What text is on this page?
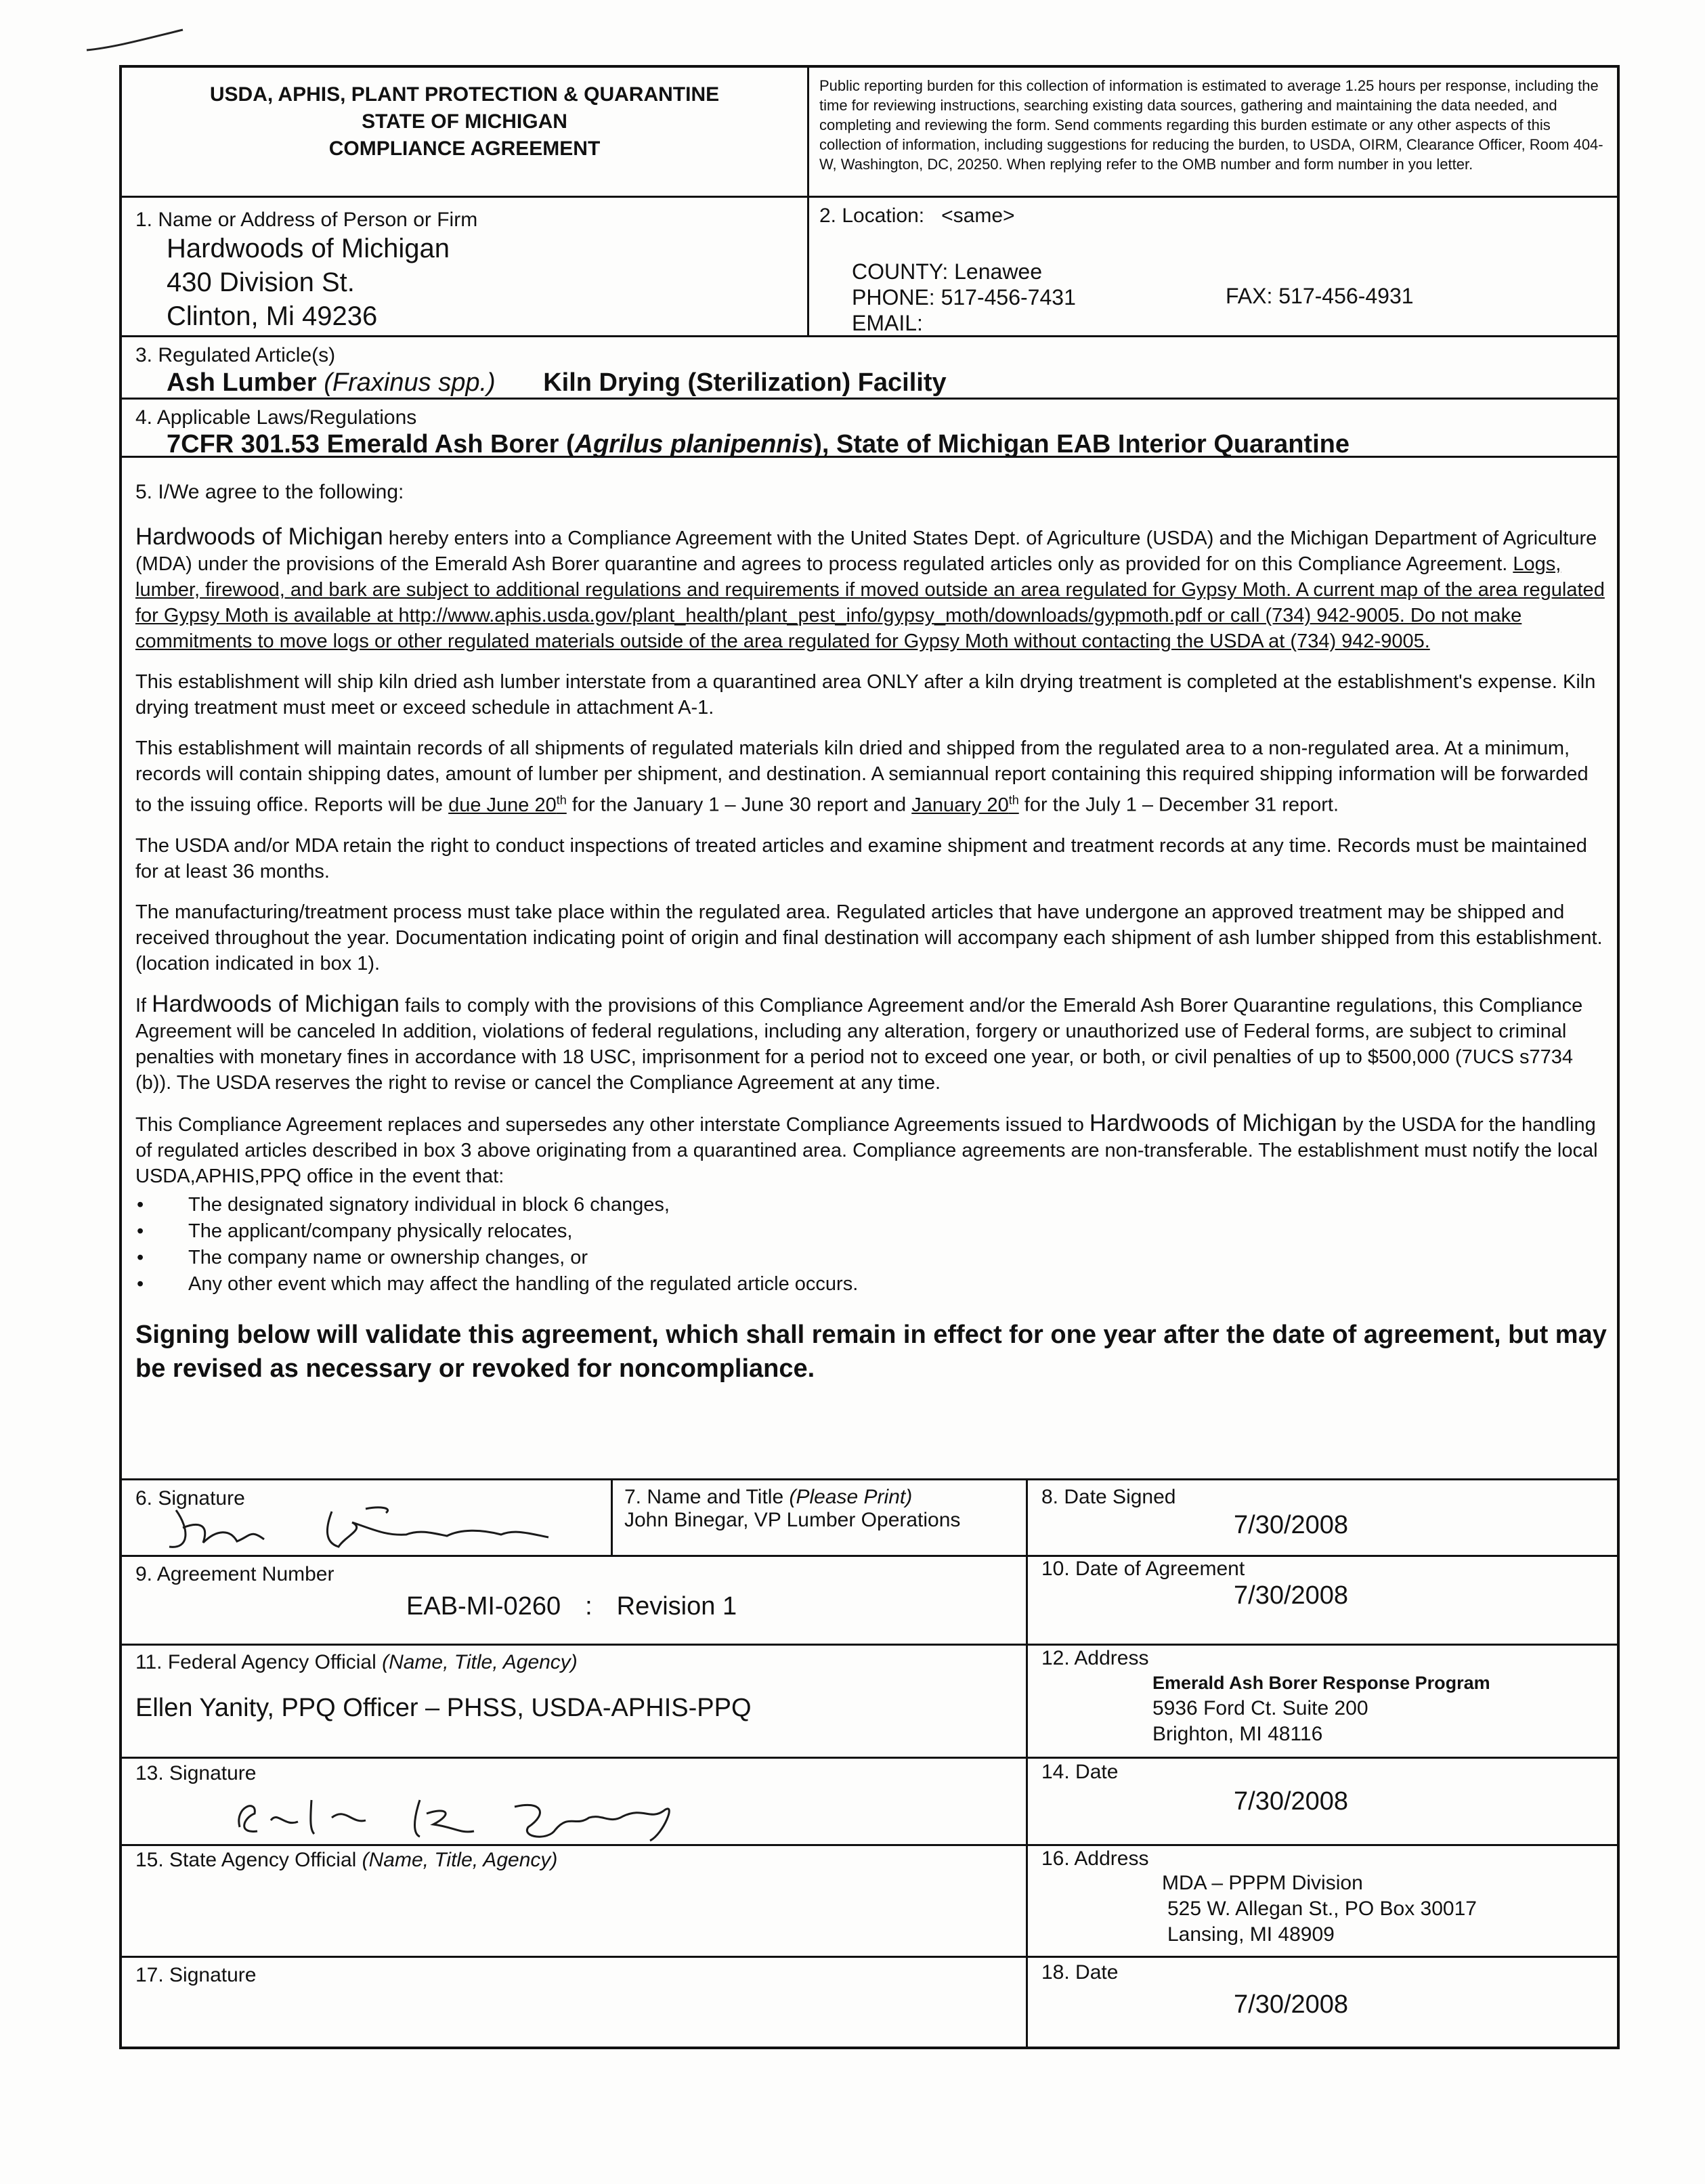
USDA, APHIS, PLANT PROTECTION & QUARANTINE
STATE OF MICHIGAN
COMPLIANCE AGREEMENT
Public reporting burden for this collection of information is estimated to average 1.25 hours per response, including the time for reviewing instructions, searching existing data sources, gathering and maintaining the data needed, and completing and reviewing the form. Send comments regarding this burden estimate or any other aspects of this collection of information, including suggestions for reducing the burden, to USDA, OIRM, Clearance Officer, Room 404-W, Washington, DC, 20250. When replying refer to the OMB number and form number in you letter.
1. Name or Address of Person or Firm
Hardwoods of Michigan
430 Division St.
Clinton, Mi 49236
2. Location: <same>
COUNTY: Lenawee
PHONE: 517-456-7431
EMAIL:
FAX: 517-456-4931
3. Regulated Article(s)
Ash Lumber (Fraxinus spp.) Kiln Drying (Sterilization) Facility
4. Applicable Laws/Regulations
7CFR 301.53 Emerald Ash Borer (Agrilus planipennis), State of Michigan EAB Interior Quarantine
5. I/We agree to the following:

Hardwoods of Michigan hereby enters into a Compliance Agreement with the United States Dept. of Agriculture (USDA) and the Michigan Department of Agriculture (MDA) under the provisions of the Emerald Ash Borer quarantine and agrees to process regulated articles only as provided for on this Compliance Agreement. Logs, lumber, firewood, and bark are subject to additional regulations and requirements if moved outside an area regulated for Gypsy Moth. A current map of the area regulated for Gypsy Moth is available at http://www.aphis.usda.gov/plant_health/plant_pest_info/gypsy_moth/downloads/gypmoth.pdf or call (734) 942-9005. Do not make commitments to move logs or other regulated materials outside of the area regulated for Gypsy Moth without contacting the USDA at (734) 942-9005.

This establishment will ship kiln dried ash lumber interstate from a quarantined area ONLY after a kiln drying treatment is completed at the establishment's expense. Kiln drying treatment must meet or exceed schedule in attachment A-1.

This establishment will maintain records of all shipments of regulated materials kiln dried and shipped from the regulated area to a non-regulated area. At a minimum, records will contain shipping dates, amount of lumber per shipment, and destination. A semiannual report containing this required shipping information will be forwarded to the issuing office. Reports will be due June 20th for the January 1 – June 30 report and January 20th for the July 1 – December 31 report.

The USDA and/or MDA retain the right to conduct inspections of treated articles and examine shipment and treatment records at any time. Records must be maintained for at least 36 months.

The manufacturing/treatment process must take place within the regulated area. Regulated articles that have undergone an approved treatment may be shipped and received throughout the year. Documentation indicating point of origin and final destination will accompany each shipment of ash lumber shipped from this establishment. (location indicated in box 1).

If Hardwoods of Michigan fails to comply with the provisions of this Compliance Agreement and/or the Emerald Ash Borer Quarantine regulations, this Compliance Agreement will be canceled In addition, violations of federal regulations, including any alteration, forgery or unauthorized use of Federal forms, are subject to criminal penalties with monetary fines in accordance with 18 USC, imprisonment for a period not to exceed one year, or both, or civil penalties of up to $500,000 (7UCS s7734 (b)). The USDA reserves the right to revise or cancel the Compliance Agreement at any time.

This Compliance Agreement replaces and supersedes any other interstate Compliance Agreements issued to Hardwoods of Michigan by the USDA for the handling of regulated articles described in box 3 above originating from a quarantined area. Compliance agreements are non-transferable. The establishment must notify the local USDA,APHIS,PPQ office in the event that:

• The designated signatory individual in block 6 changes,
• The applicant/company physically relocates,
• The company name or ownership changes, or
• Any other event which may affect the handling of the regulated article occurs.
Signing below will validate this agreement, which shall remain in effect for one year after the date of agreement, but may be revised as necessary or revoked for noncompliance.
6. Signature	7. Name and Title (Please Print)
John Binegar, VP Lumber Operations
8. Date Signed
7/30/2008
9. Agreement Number
EAB-MI-0260 : Revision 1
10. Date of Agreement
7/30/2008
11. Federal Agency Official (Name, Title, Agency)
Ellen Yanity, PPQ Officer – PHSS, USDA-APHIS-PPQ
12. Address
Emerald Ash Borer Response Program
5936 Ford Ct. Suite 200
Brighton, MI 48116
13. Signature	14. Date
7/30/2008
15. State Agency Official (Name, Title, Agency)	16. Address
MDA – PPPM Division
525 W. Allegan St., PO Box 30017
Lansing, MI 48909
17. Signature	18. Date
7/30/2008
